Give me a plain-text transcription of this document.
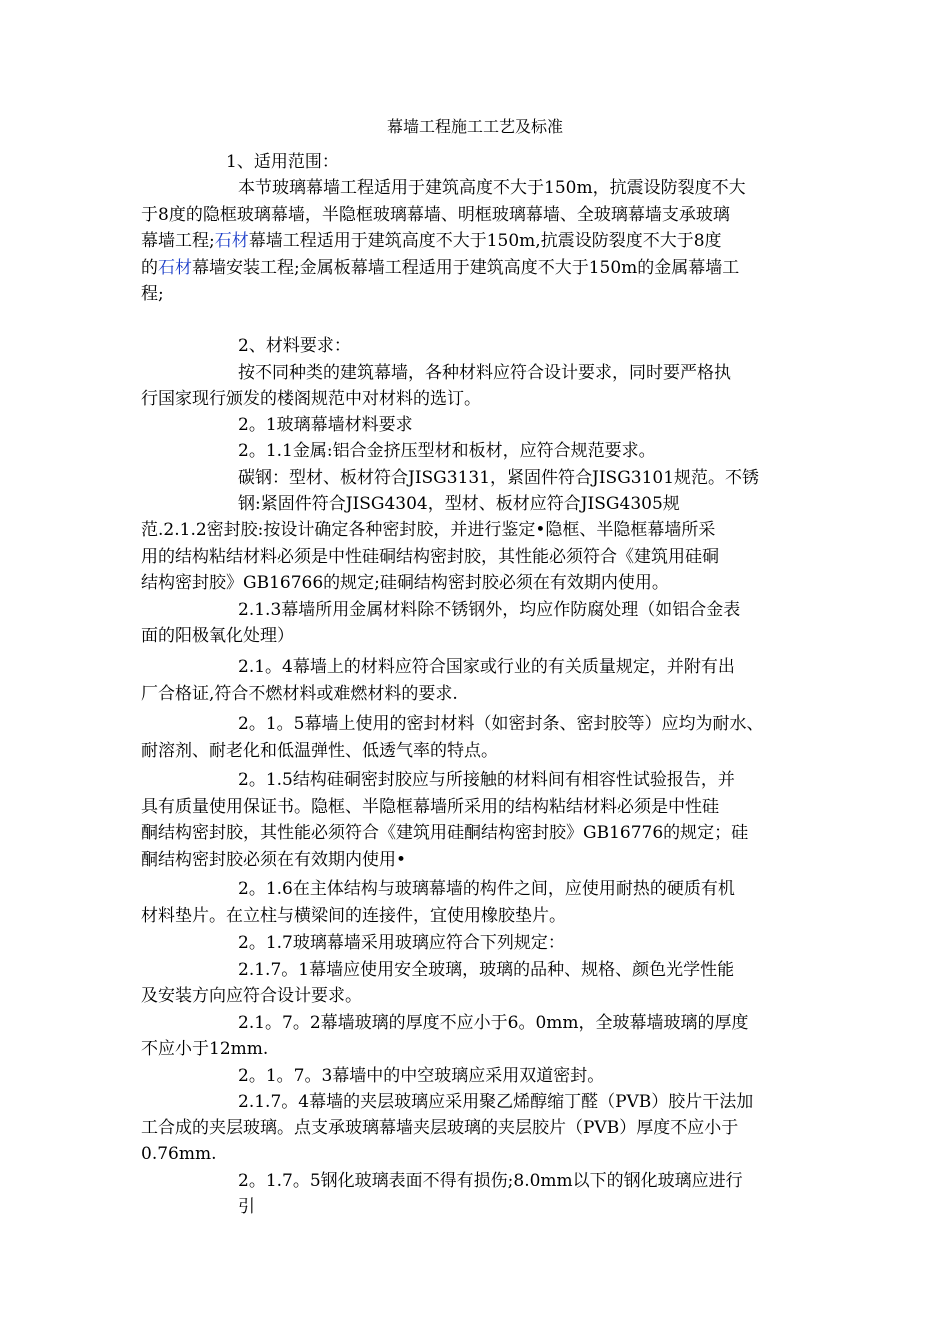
幕墙工程施工工艺及标准
1、适用范围：
本节玻璃幕墙工程适用于建筑高度不大于150m，抗震设防裂度不大
于8度的隐框玻璃幕墙，半隐框玻璃幕墙、明框玻璃幕墙、全玻璃幕墙支承玻璃
幕墙工程;石材幕墙工程适用于建筑高度不大于150m,抗震设防裂度不大于8度
的石材幕墙安装工程;金属板幕墙工程适用于建筑高度不大于150m的金属幕墙工
程;
2、材料要求：
按不同种类的建筑幕墙，各种材料应符合设计要求，同时要严格执
行国家现行颁发的楼阁规范中对材料的选订。
2。1玻璃幕墙材料要求
2。1.1金属:铝合金挤压型材和板材，应符合规范要求。
碳钢：型材、板材符合JISG3131，紧固件符合JISG3101规范。不锈
钢:紧固件符合JISG4304，型材、板材应符合JISG4305规
范.2.1.2密封胶:按设计确定各种密封胶，并进行鉴定•隐框、半隐框幕墙所采
用的结构粘结材料必须是中性硅硐结构密封胶，其性能必须符合《建筑用硅硐
结构密封胶》GB16766的规定;硅硐结构密封胶必须在有效期内使用。
2.1.3幕墙所用金属材料除不锈钢外，均应作防腐处理（如铝合金表
面的阳极氧化处理）
2.1。4幕墙上的材料应符合国家或行业的有关质量规定，并附有出
厂合格证,符合不燃材料或难燃材料的要求.
2。1。5幕墙上使用的密封材料（如密封条、密封胶等）应均为耐水、
耐溶剂、耐老化和低温弹性、低透气率的特点。
2。1.5结构硅硐密封胶应与所接触的材料间有相容性试验报告，并
具有质量使用保证书。隐框、半隐框幕墙所采用的结构粘结材料必须是中性硅
酮结构密封胶，其性能必须符合《建筑用硅酮结构密封胶》GB16776的规定；硅
酮结构密封胶必须在有效期内使用•
2。1.6在主体结构与玻璃幕墙的构件之间，应使用耐热的硬质有机
材料垫片。在立柱与横梁间的连接件，宜使用橡胶垫片。
2。1.7玻璃幕墙采用玻璃应符合下列规定：
2.1.7。1幕墙应使用安全玻璃，玻璃的品种、规格、颜色光学性能
及安装方向应符合设计要求。
2.1。7。2幕墙玻璃的厚度不应小于6。0mm，全玻幕墙玻璃的厚度
不应小于12mm.
2。1。7。3幕墙中的中空玻璃应采用双道密封。
2.1.7。4幕墙的夹层玻璃应采用聚乙烯醇缩丁醛（PVB）胶片干法加
工合成的夹层玻璃。点支承玻璃幕墙夹层玻璃的夹层胶片（PVB）厚度不应小于
0.76mm.
2。1.7。5钢化玻璃表面不得有损伤;8.0mm以下的钢化玻璃应进行
引
